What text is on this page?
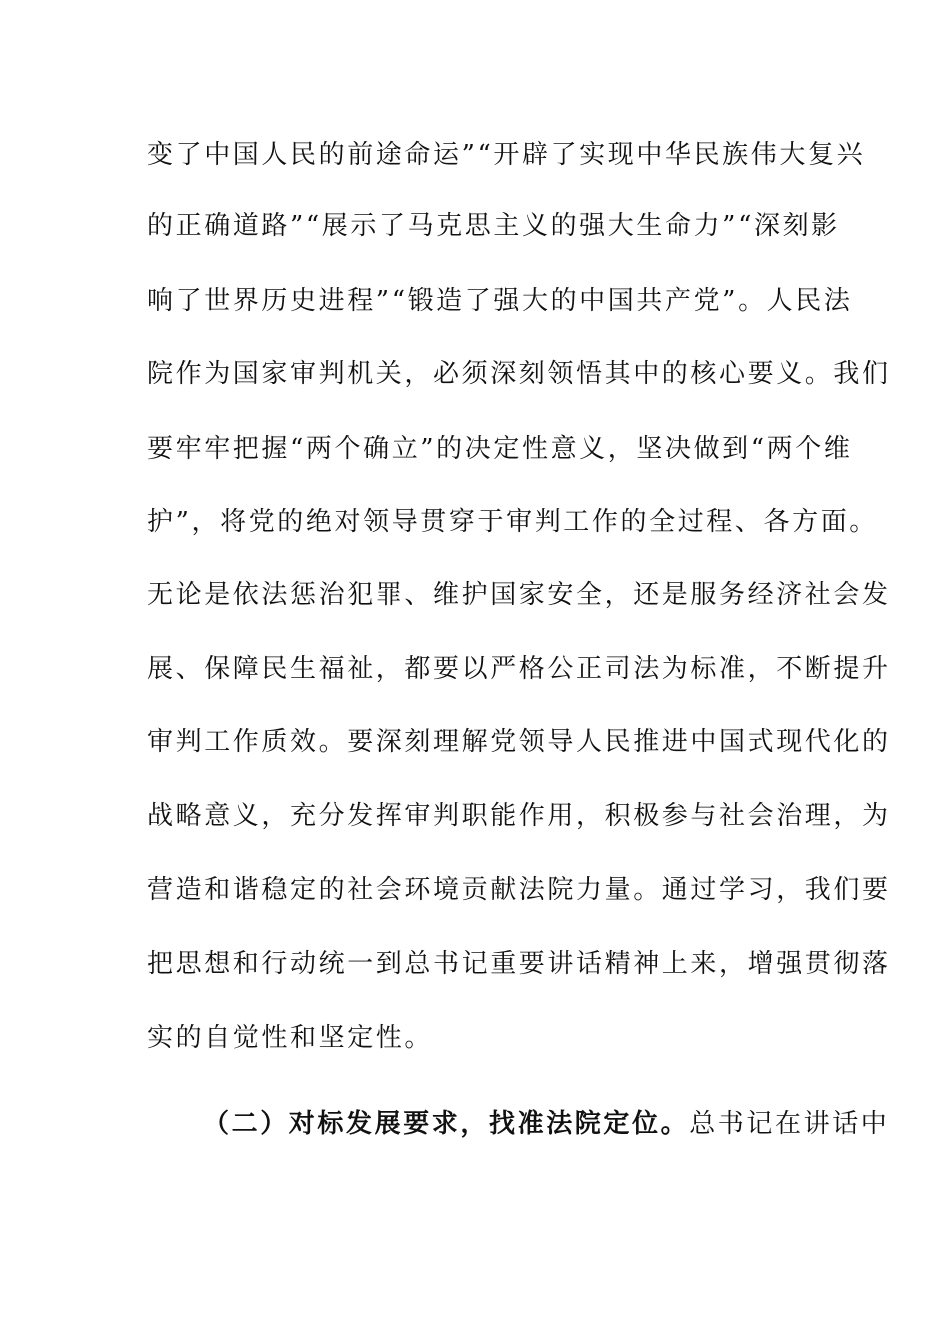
变了中国人民的前途命运”“开辟了实现中华民族伟大复兴
的正确道路”“展示了马克思主义的强大生命力”“深刻影
响了世界历史进程”“锻造了强大的中国共产党”。人民法
院作为国家审判机关，必须深刻领悟其中的核心要义。我们
要牢牢把握“两个确立”的决定性意义，坚决做到“两个维
护”，将党的绝对领导贯穿于审判工作的全过程、各方面。
无论是依法惩治犯罪、维护国家安全，还是服务经济社会发
展、保障民生福祉，都要以严格公正司法为标准，不断提升
审判工作质效。要深刻理解党领导人民推进中国式现代化的
战略意义，充分发挥审判职能作用，积极参与社会治理，为
营造和谐稳定的社会环境贡献法院力量。通过学习，我们要
把思想和行动统一到总书记重要讲话精神上来，增强贯彻落
实的自觉性和坚定性。
（二）对标发展要求，找准法院定位。总书记在讲话中
